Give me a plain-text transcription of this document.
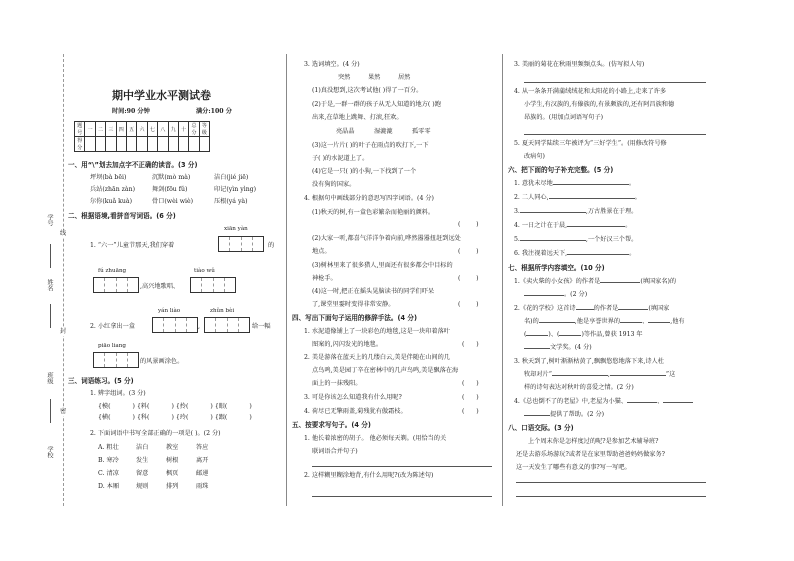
学号
姓名
班级
学校
线
封
密
期中学业水平测试卷
时间:90 分钟	满分:100 分
题号	一	二	三	四	五	六	七	八	九	十	总分	等级
得分												
一、用“\”划去加点字不正确的读音。(3 分)
坪坝(bà bēi)	沉默(mò mà)	洁白(jié jiē)
兵站(zhān zàn)	舞剑(fōu fǔ)	印记(yìn yìng)
尔你(kuǎ kuà)	骨口(wèi wiè)	压根(yá yà)
二、根据语境,看拼音写词语。(6 分)
xiān yàn
1. “六一”儿童节那天,我们穿着	的
fú zhuāng	tiào wǔ
,高兴地歌唱、
yán liào	zhǔn bèi
2. 小红拿出一盒	,	给一幅
piāo liang
的风景画涂色。
三、词语练习。(5 分)
1. 辨字组词。(3 分)
{模(	) {料(	) {拎(	) {眼(	)
{横(	) {科(	) {玲(	) {跟(	)
2. 下面词语中书写全部正确的一项是( )。(2 分)
A. 粗壮	洁白	教室	答应
B. 寒冷	发生	树根	离开
C. 清凉	留意	枫页	邮递
D. 本厢	规则	排列	雨珠
3. 选词填空。(4 分)
突然	果然	居然
(1)真没想到,这次考试他( )得了一百分。
(2)于是,一群一群的孩子从无人知道的地方( )跑
出来,在草地上跳舞、打滚,狂欢。
亮晶晶	湿漉漉	孤零零
(3)这一片片( )的叶子在雨点的吹打下,一下
子( )的水泥道上了。
(4)它是一只( )的小狗,一下找到了一个
没有狗的国家。
4. 根据句中画线部分的意思写四字词语。(4 分)
(1)秋天的树,有一盒色彩繁杂而艳丽的颜料。
(        )
(2)大家一听,都喜气洋洋争着向前,哗然嚣嚣扭赶到远处
地点。	(        )
(3)树林里来了很多猎人,里面还有很多都会中目标的
神枪手。	(        )
(4)这一时,把正在摇头晃脑读书的同学们吓呆
了,课堂里霎时变得非常安静。	(        )
四、写出下面句子运用的修辞手法。(4 分)
1. 水泥道像铺上了一块彩色的地毯,这是一块印着落叶
图案的,闪闪发光的地毯。	(      )
2. 美是游落在蓝天上的几缕白云,美是伴随在山间的几
点鸟鸣,美是园丁辛在密林中的几声鸟鸣,美是飘落在海
面上的一抹残阳。	(      )
3. 可是你该怎么知道我有什么用呢?	(      )
4. 荷尽已无擎雨盖,菊残犹有傲霜枝。	(      )
五、按要求写句子。(4 分)
1. 他长着浓密的胡子。 他必须每天剃。(用恰当的关
联词语合并句子)
2. 这样糊里糊涂地背,有什么用呢?(改为陈述句)
3. 美丽的菊花在秋雨里频频点头。(仿写拟人句)
4. 从一条条开满蒲绒绒花和太阳花的小路上,走来了许多
小学生,有汉族的,有傣族的,有景颇族的,还有阿昌族和德
昂族的。(用加点词语写句子)
5. 夏天同学陆续三年被评为“三好学生”。(用修改符号修
改病句)
六、把下面的句子补充完整。(5 分)
1. 意犹未尽地	。
2. 二人同心,	。
3.	,万古胜景在于理。
4. 一日之计在于晨,	。
5.	,一个好汉三个帮。
6. 我注视着远天下,	。
七、根据所学内容填空。(10 分)
1.《卖火柴的小女孩》的作者是	(填国家名)的
。(2 分)
2.《花的学校》这首诗	的作者是	(填国家
名)的	,他是享誉世界的	、	,他有
(	)、(	)等作品,曾获 1913 年
文学奖。(4 分)
3. 秋天到了,树叶渐渐枯黄了,飘飘悠悠地落下来,诗人杜
牧却对片“	,	”这
样的诗句表达对秋叶的喜爱之情。(2 分)
4.《总也倒不了的老屋》中,老屋为小猫、	、
提供了帮助。(2 分)
八、口语交际。(3 分)
上个周末你是怎样度过的呢?是参加艺术辅导班?
还是去游乐场游玩?或者是在家里帮助爸爸妈妈做家务?
这一天发生了哪些有意义的事?写一写吧。
